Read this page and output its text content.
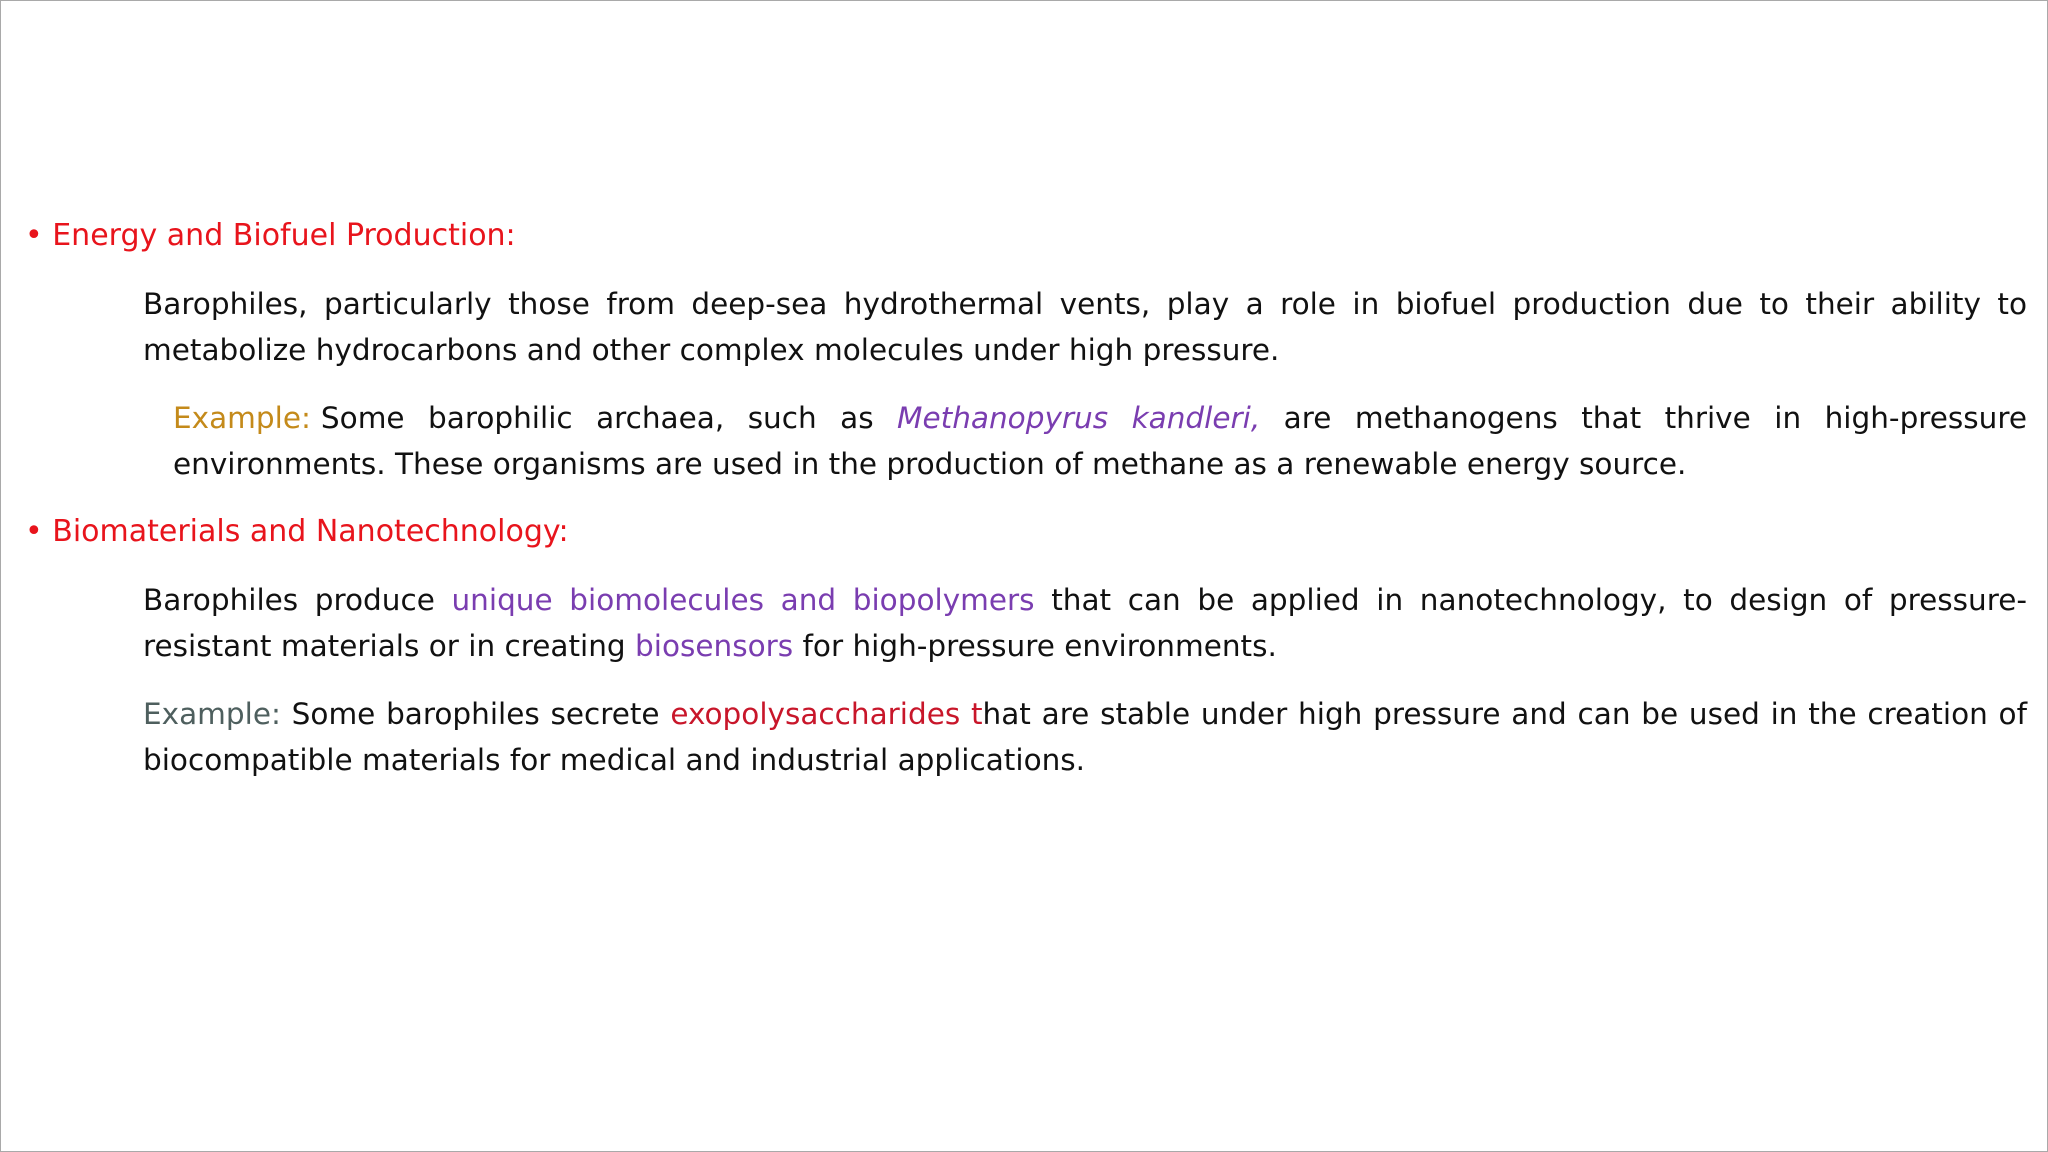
• Energy and Biofuel Production:

Barophiles, particularly those from deep-sea hydrothermal vents, play a role in biofuel production due to their ability to metabolize hydrocarbons and other complex molecules under high pressure.

Example: Some barophilic archaea, such as Methanopyrus kandleri, are methanogens that thrive in high-pressure environments. These organisms are used in the production of methane as a renewable energy source.

• Biomaterials and Nanotechnology:

Barophiles produce unique biomolecules and biopolymers that can be applied in nanotechnology, to design of pressure-resistant materials or in creating biosensors for high-pressure environments.

Example: Some barophiles secrete exopolysaccharides that are stable under high pressure and can be used in the creation of biocompatible materials for medical and industrial applications.
